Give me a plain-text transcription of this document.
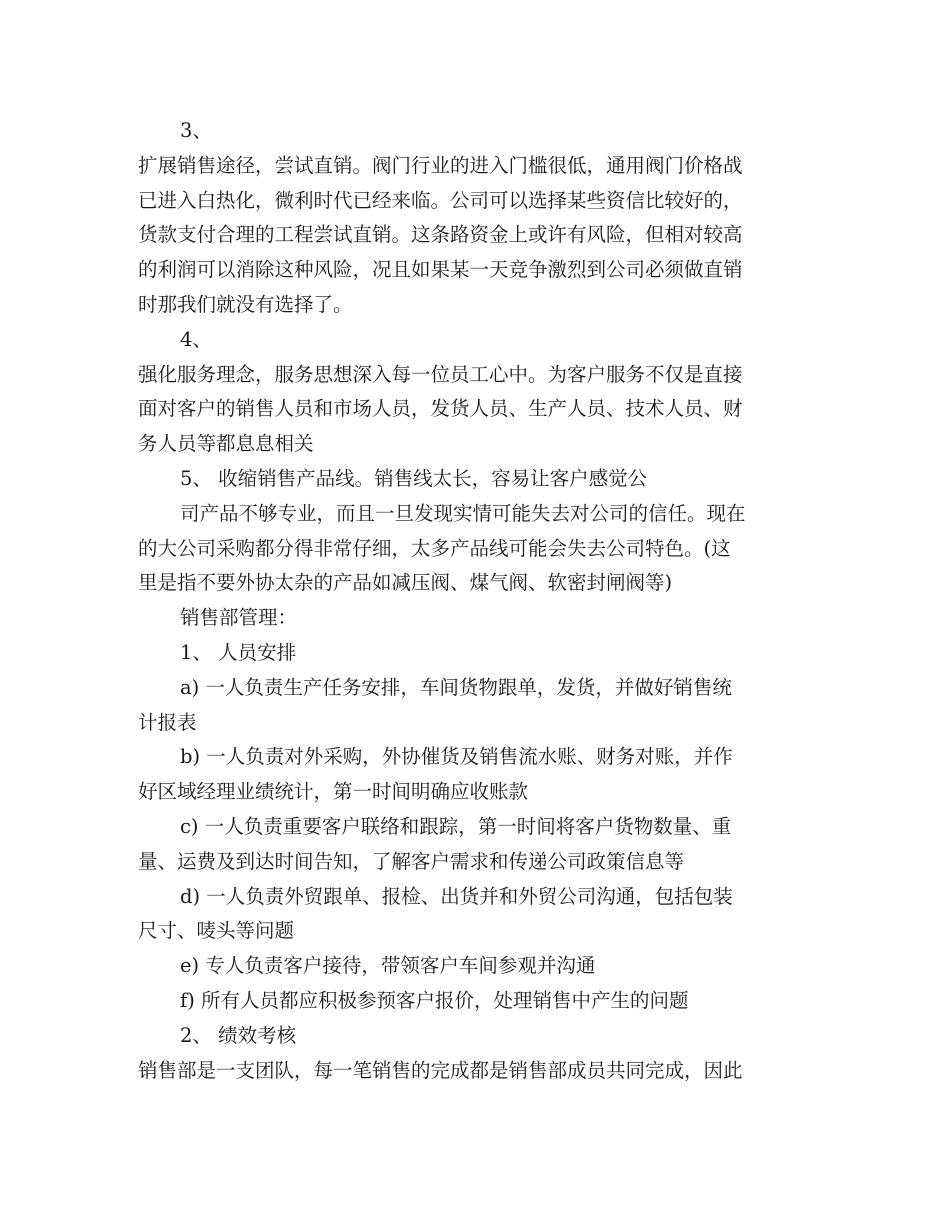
3、
扩展销售途径，尝试直销。阀门行业的进入门槛很低，通用阀门价格战
已进入白热化，微利时代已经来临。公司可以选择某些资信比较好的，
货款支付合理的工程尝试直销。这条路资金上或许有风险，但相对较高
的利润可以消除这种风险，况且如果某一天竞争激烈到公司必须做直销
时那我们就没有选择了。
4、
强化服务理念，服务思想深入每一位员工心中。为客户服务不仅是直接
面对客户的销售人员和市场人员，发货人员、生产人员、技术人员、财
务人员等都息息相关
5、 收缩销售产品线。销售线太长，容易让客户感觉公
司产品不够专业，而且一旦发现实情可能失去对公司的信任。现在
的大公司采购都分得非常仔细，太多产品线可能会失去公司特色。(这
里是指不要外协太杂的产品如减压阀、煤气阀、软密封闸阀等)
销售部管理：
1、 人员安排
a) 一人负责生产任务安排，车间货物跟单，发货，并做好销售统
计报表
b) 一人负责对外采购，外协催货及销售流水账、财务对账，并作
好区域经理业绩统计，第一时间明确应收账款
c) 一人负责重要客户联络和跟踪，第一时间将客户货物数量、重
量、运费及到达时间告知，了解客户需求和传递公司政策信息等
d) 一人负责外贸跟单、报检、出货并和外贸公司沟通，包括包装
尺寸、唛头等问题
e) 专人负责客户接待，带领客户车间参观并沟通
f) 所有人员都应积极参预客户报价，处理销售中产生的问题
2、 绩效考核
销售部是一支团队，每一笔销售的完成都是销售部成员共同完成，因此
